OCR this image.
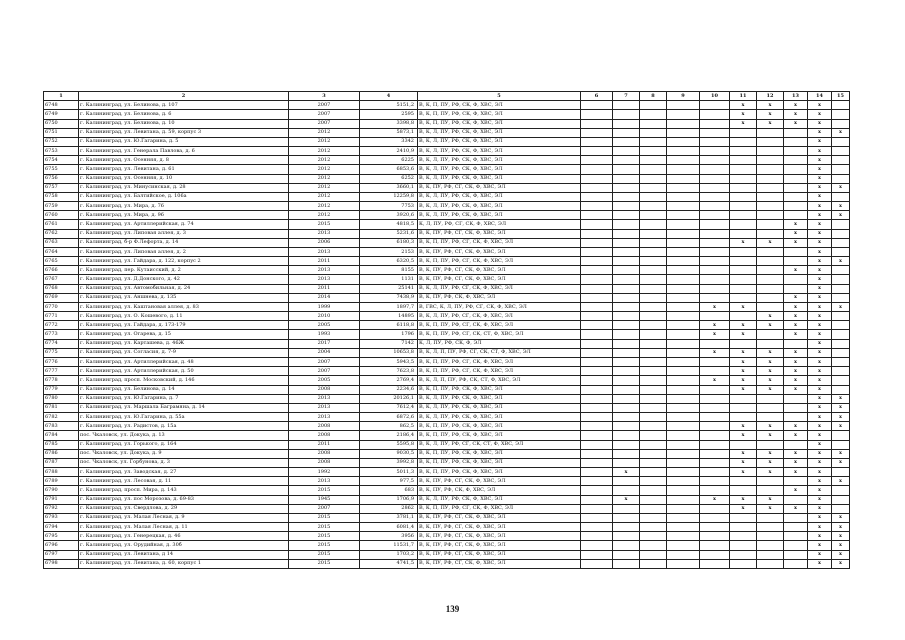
1	2	3	4	5	6	7	8	9	10	11	12	13	14	15
6748	г. Калининград, ул. Белинова, д. 107	2007	5151,2	В, К, П, ПУ, РФ, СК, Ф, ХВС, ЭЛ						x	x	x	x	
6749	г. Калининград, ул. Белинова, д. 6	2007	2595	В, К, П, ПУ, РФ, СК, Ф, ХВС, ЭЛ						x	x	x	x	
6750	г. Калининград, ул. Белинова, д. 10	2007	3398,8	В, К, П, ПУ, РФ, СК, Ф, ХВС, ЭЛ						x	x	x	x	
6751	г. Калининград, ул. Левитана, д. 59, корпус 3	2012	5873,1	В, К, Л, ПУ, РФ, СК, Ф, ХВС, ЭЛ									x	x
6752	г. Калининград, ул. Ю.Гагарина, д. 5	2012	3342	В, К, Л, ПУ, РФ, СК, Ф, ХВС, ЭЛ									x	
6753	г. Калининград, ул. Генерала Павлова, д. 6	2012	2410,9	В, К, Л, ПУ, РФ, СК, Ф, ХВС, ЭЛ									x	
6754	г. Калининград, ул. Осенняя, д. 8	2012	6225	В, К, Л, ПУ, РФ, СК, Ф, ХВС, ЭЛ									x	
6755	г. Калининград, ул. Левитана, д. 61	2012	6853,6	В, К, Л, ПУ, РФ, СК, Ф, ХВС, ЭЛ									x	
6756	г. Калининград, ул. Осенняя, д. 10	2012	6252	В, К, Л, ПУ, РФ, СК, Ф, ХВС, ЭЛ									x	
6757	г. Калининград, ул. Минусинская, д. 28	2012	3660,1	В, К, ПУ, РФ, СГ, СК, Ф, ХВС, ЭЛ									x	x
6758	г. Калининград, ул. Балтийское, д. 106а	2012	12259,8	В, К, Л, ПУ, РФ, СК, Ф, ХВС, ЭЛ									x	
6759	г. Калининград, ул. Мира, д. 76	2012	7753	В, К, Л, ПУ, РФ, СК, Ф, ХВС, ЭЛ									x	x
6760	г. Калининград, ул. Мира, д. 96	2012	3920,6	В, К, Л, ПУ, РФ, СК, Ф, ХВС, ЭЛ									x	x
6761	г. Калининград, ул. Артиллерийская, д. 74	2015	4818,5	К, Л, ПУ, РФ, СГ, СК, Ф, ХВС, ЭЛ								x	x	
6762	г. Калининград, ул. Липовая аллея, д. 3	2013	5231,6	В, К, ПУ, РФ, СГ, СК, Ф, ХВС, ЭЛ								x	x	
6763	г. Калининград, б-р Ф.Лефорта, д. 14	2006	6180,3	В, К, П, ПУ, РФ, СГ, СК, Ф, ХВС, ЭЛ						x	x	x	x	
6764	г. Калининград, ул. Липовая аллея, д. 2	2013	2153	В, К, ПУ, РФ, СГ, СК, Ф, ХВС, ЭЛ									x	
6765	г. Калининград, ул. Гайдара, д. 122, корпус 2	2011	6320,5	В, К, П, ПУ, РФ, СГ, СК, Ф, ХВС, ЭЛ									x	x
6766	г. Калининград, пер. Кутаисский, д. 2	2013	8155	В, К, ПУ, РФ, СГ, СК, Ф, ХВС, ЭЛ								x	x	
6767	г. Калининград, ул. Д.Донского, д. 42	2013	1131	В, К, ПУ, РФ, СГ, СК, Ф, ХВС, ЭЛ									x	
6768	г. Калининград, ул. Автомобильная, д. 24	2011	25141	В, К, Л, ПУ, РФ, СГ, СК, Ф, ХВС, ЭЛ									x	
6769	г. Калининград, ул. Аншнева, д. 135	2014	7438,9	В, К, ПУ, РФ, СК, Ф, ХВС, ЭЛ								x	x	
6770	г. Калининград, ул. Каштановая аллея, д. 83	1999	1897,7	В, ГВС, К, Л, ПУ, РФ, СГ, СК, Ф, ХВС, ЭЛ					x	x		x	x	x
6771	г. Калининград, ул. О. Кошевого, д. 11	2010	14895	В, К, Л, ПУ, РФ, СГ, СК, Ф, ХВС, ЭЛ							x	x	x	
6772	г. Калининград, ул. Гайдара, д. 173-179	2005	6118,8	В, К, П, ПУ, РФ, СГ, СК, Ф, ХВС, ЭЛ					x	x	x	x	x	
6773	г. Калининград, ул. Огарева, д. 15	1993	1796	В, К, П, ПУ, РФ, СГ, СК, СТ, Ф, ХВС, ЭЛ					x	x		x	x	
6774	г. Калининград, ул. Карташева, д. 46Ж	2017	7142	К, Л, ПУ, РФ, СК, Ф, ЭЛ									x	
6775	г. Калининград, ул. Согласия, д. 7-9	2004	10653,8	В, К, Л, П, ПУ, РФ, СГ, СК, СТ, Ф, ХВС, ЭЛ					x	x	x	x	x	
6776	г. Калининград, ул. Артиллерийская, д. 48	2007	5943,5	В, К, П, ПУ, РФ, СГ, СК, Ф, ХВС, ЭЛ						x	x	x	x	
6777	г. Калининград, ул. Артиллерийская, д. 50	2007	7623,8	В, К, П, ПУ, РФ, СГ, СК, Ф, ХВС, ЭЛ						x	x	x	x	
6778	г. Калининград, просп. Московский, д. 146	2005	2769,4	В, К, Л, П, ПУ, РФ, СК, СТ, Ф, ХВС, ЭЛ					x	x	x	x	x	
6779	г. Калининград, ул. Белинова, д. 14	2008	2234,6	В, К, П, ПУ, РФ, СК, Ф, ХВС, ЭЛ						x	x	x	x	
6780	г. Калининград, ул. Ю.Гагарина, д. 7	2013	20126,1	В, К, Л, ПУ, РФ, СК, Ф, ХВС, ЭЛ									x	x
6781	г. Калининград, ул. Маршала Баграмяна, д. 14	2013	7612,4	В, К, Л, ПУ, РФ, СК, Ф, ХВС, ЭЛ									x	x
6782	г. Калининград, ул. Ю.Гагарина, д. 55а	2013	6872,6	В, К, Л, ПУ, РФ, СК, Ф, ХВС, ЭЛ									x	x
6783	г. Калининград, ул. Радистов, д. 15а	2008	862,5	В, К, П, ПУ, РФ, СК, Ф, ХВС, ЭЛ						x	x	x	x	x
6784	пос. Чкаловск, ул. Докука, д. 13	2008	2186,4	В, К, П, ПУ, РФ, СК, Ф, ХВС, ЭЛ						x	x	x	x	
6785	г. Калининград, ул. Горького, д. 164	2011	5595,8	В, К, Л, ПУ, РФ, СГ, СК, СТ, Ф, ХВС, ЭЛ									x	
6786	пос. Чкаловск, ул. Докука, д. 9	2008	9030,5	В, К, П, ПУ, РФ, СК, Ф, ХВС, ЭЛ						x	x	x	x	x
6787	пос. Чкаловск, ул. Горбунова, д. 3	2008	3992,8	В, К, П, ПУ, РФ, СК, Ф, ХВС, ЭЛ						x	x	x	x	x
6788	г. Калининград, ул. Заводская, д. 27	1992	5011,3	В, К, П, ПУ, РФ, СК, Ф, ХВС, ЭЛ		x				x	x	x	x	
6789	г. Калининград, ул. Лесовая, д. 11	2013	977,5	В, К, ПУ, РФ, СГ, СК, Ф, ХВС, ЭЛ									x	x
6790	г. Калининград, просп. Мира, д. 143	2015	683	В, К, ПУ, РФ, СК, Ф, ХВС, ЭЛ								x	x	
6791	г. Калининград, ул. пос Морозова, д. 69-83	1945	1706,9	В, К, Л, ПУ, РФ, СК, Ф, ХВС, ЭЛ		x			x	x	x		x	
6792	г. Калининград, ул. Свердлова, д. 29	2007	2862	В, К, П, ПУ, РФ, СГ, СК, Ф, ХВС, ЭЛ						x	x	x	x	
6793	г. Калининград, ул. Малая Лесная, д. 9	2015	3781,1	В, К, ПУ, РФ, СГ, СК, Ф, ХВС, ЭЛ									x	x
6794	г. Калининград, ул. Малая Лесная, д. 11	2015	6081,4	В, К, ПУ, РФ, СГ, СК, Ф, ХВС, ЭЛ									x	x
6795	г. Калининград, ул. Генерецкая, д. 46	2015	3956	В, К, ПУ, РФ, СГ, СК, Ф, ХВС, ЭЛ									x	x
6796	г. Калининград, ул. Орудийная, д. 30б	2015	11531,7	В, К, ПУ, РФ, СГ, СК, Ф, ХВС, ЭЛ									x	x
6797	г. Калининград, ул. Левитана, д 14	2015	1703,2	В, К, ПУ, РФ, СГ, СК, Ф, ХВС, ЭЛ									x	x
6798	г. Калининград, ул. Левитана, д. 60, корпус 1	2015	4741,5	В, К, ПУ, РФ, СГ, СК, Ф, ХВС, ЭЛ									x	x
139
